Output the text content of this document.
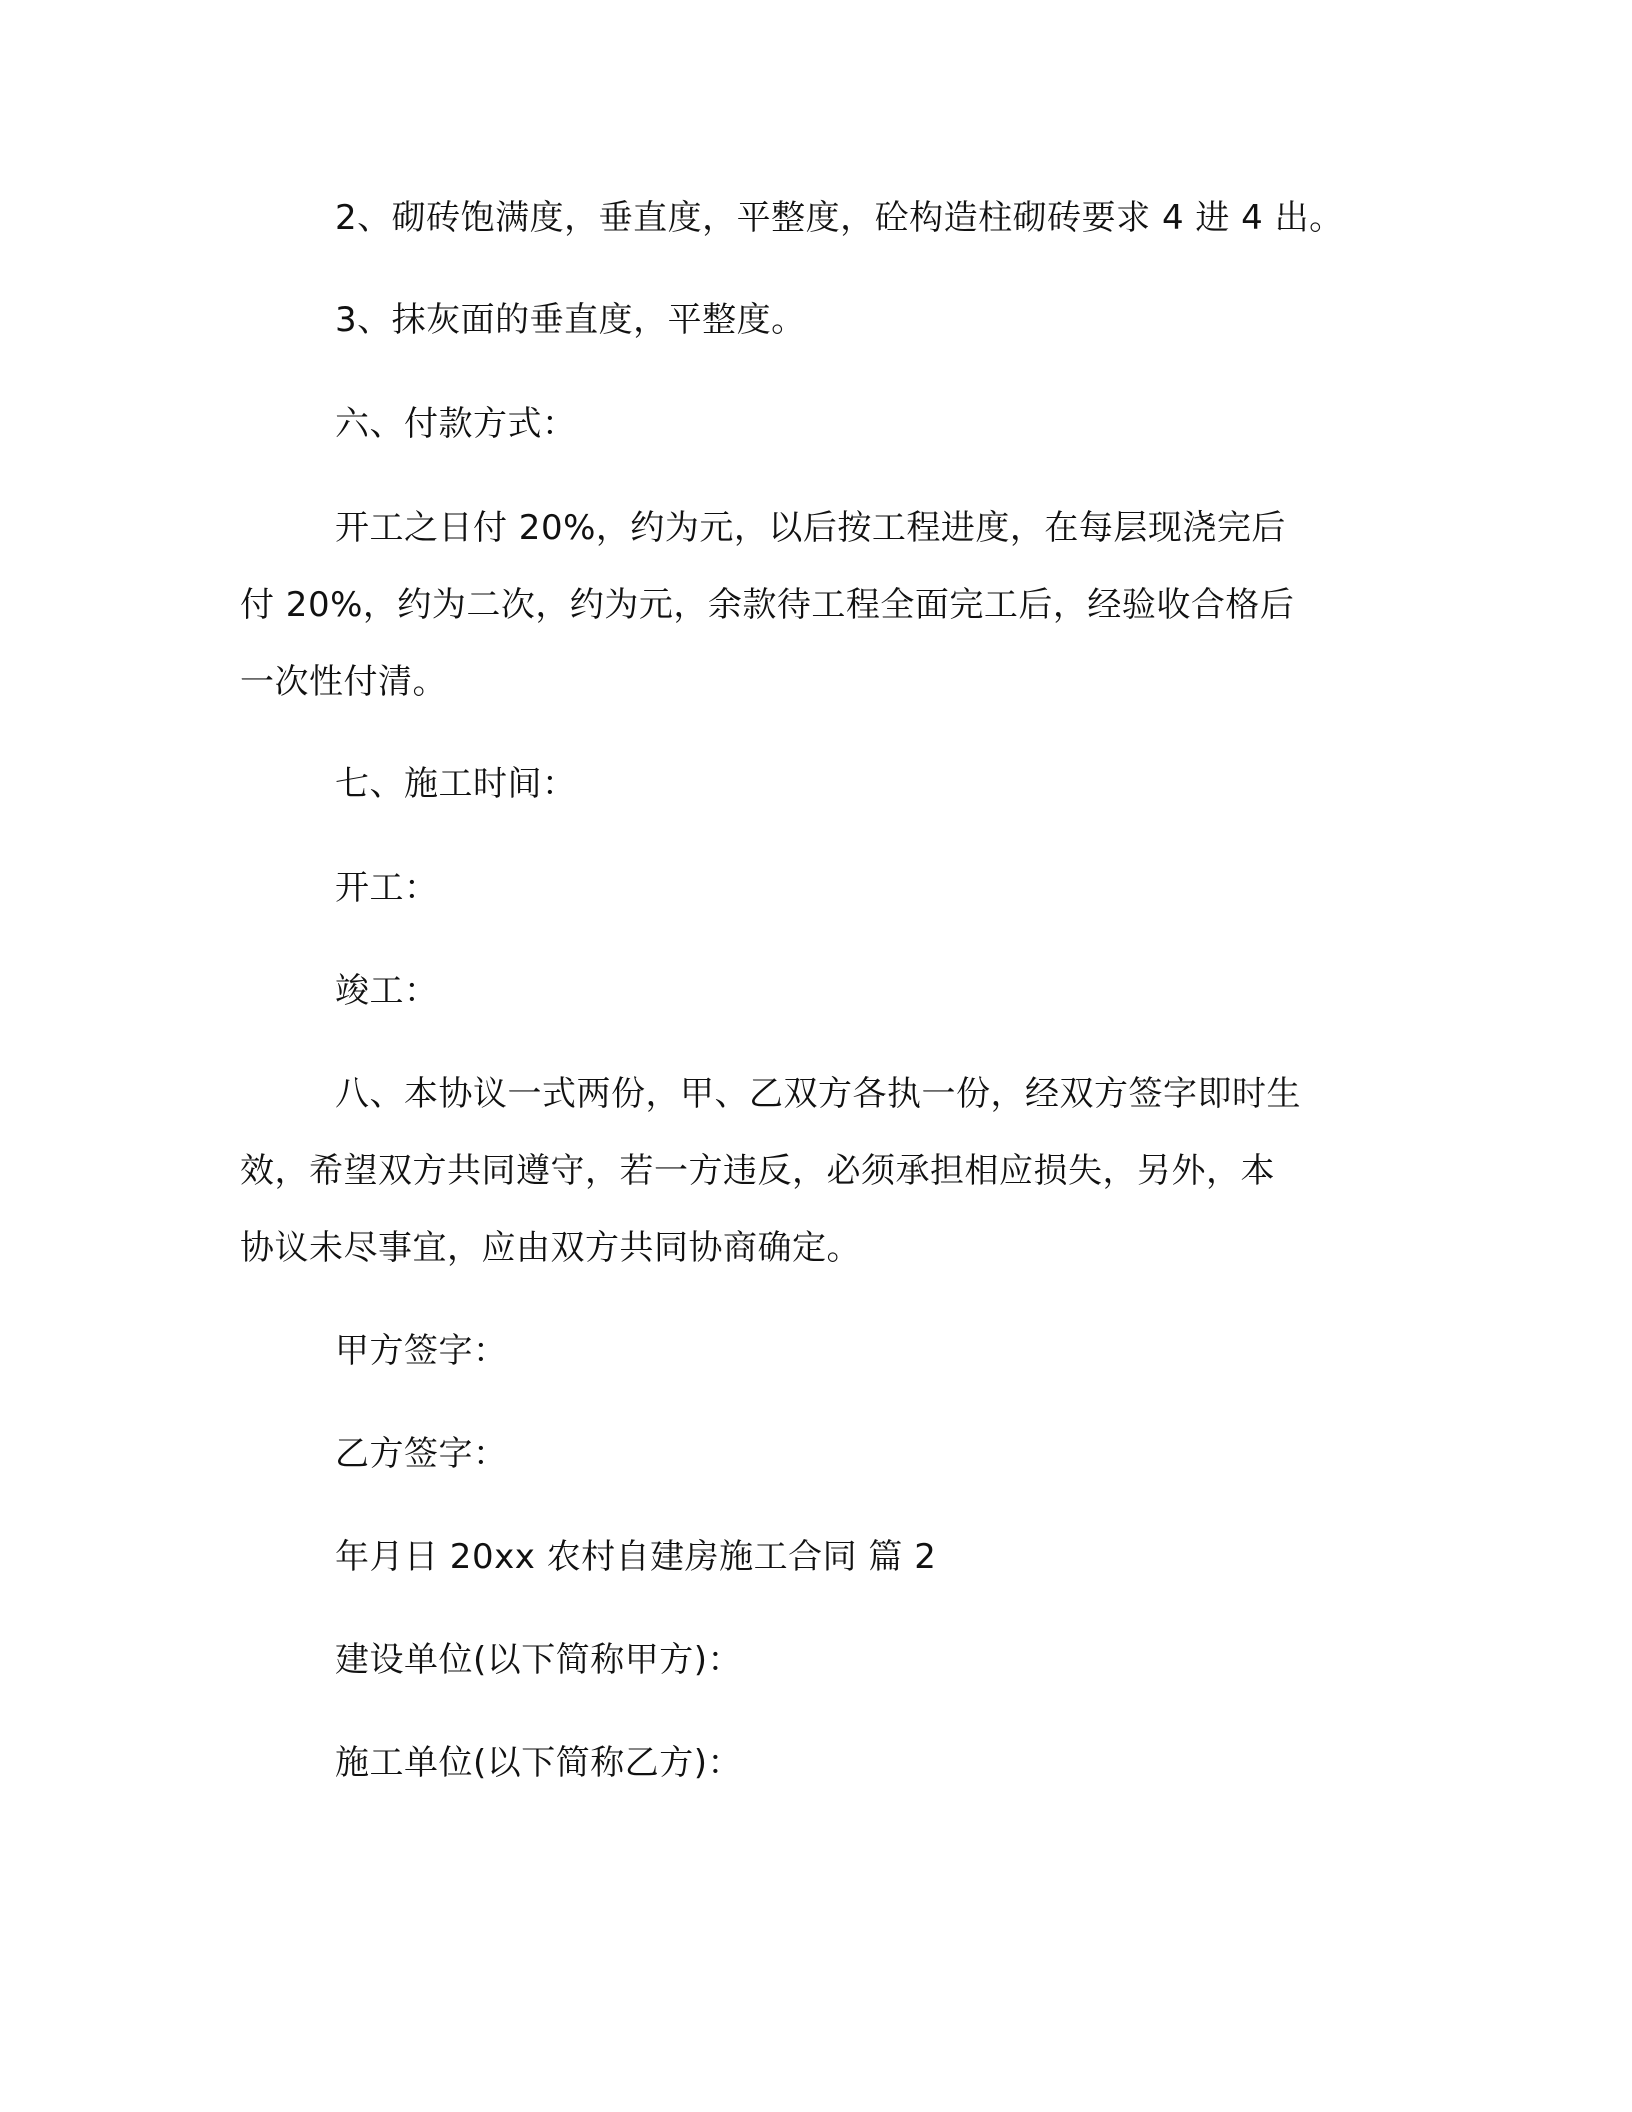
2、砌砖饱满度，垂直度，平整度，砼构造柱砌砖要求 4 进 4 出。
3、抹灰面的垂直度，平整度。
六、付款方式：
开工之日付 20%，约为元，以后按工程进度，在每层现浇完后
付 20%，约为二次，约为元，余款待工程全面完工后，经验收合格后
一次性付清。
七、施工时间：
开工：
竣工：
八、本协议一式两份，甲、乙双方各执一份，经双方签字即时生
效，希望双方共同遵守，若一方违反，必须承担相应损失，另外，本
协议未尽事宜，应由双方共同协商确定。
甲方签字：
乙方签字：
年月日 20xx 农村自建房施工合同 篇 2
建设单位(以下简称甲方)：
施工单位(以下简称乙方)：
